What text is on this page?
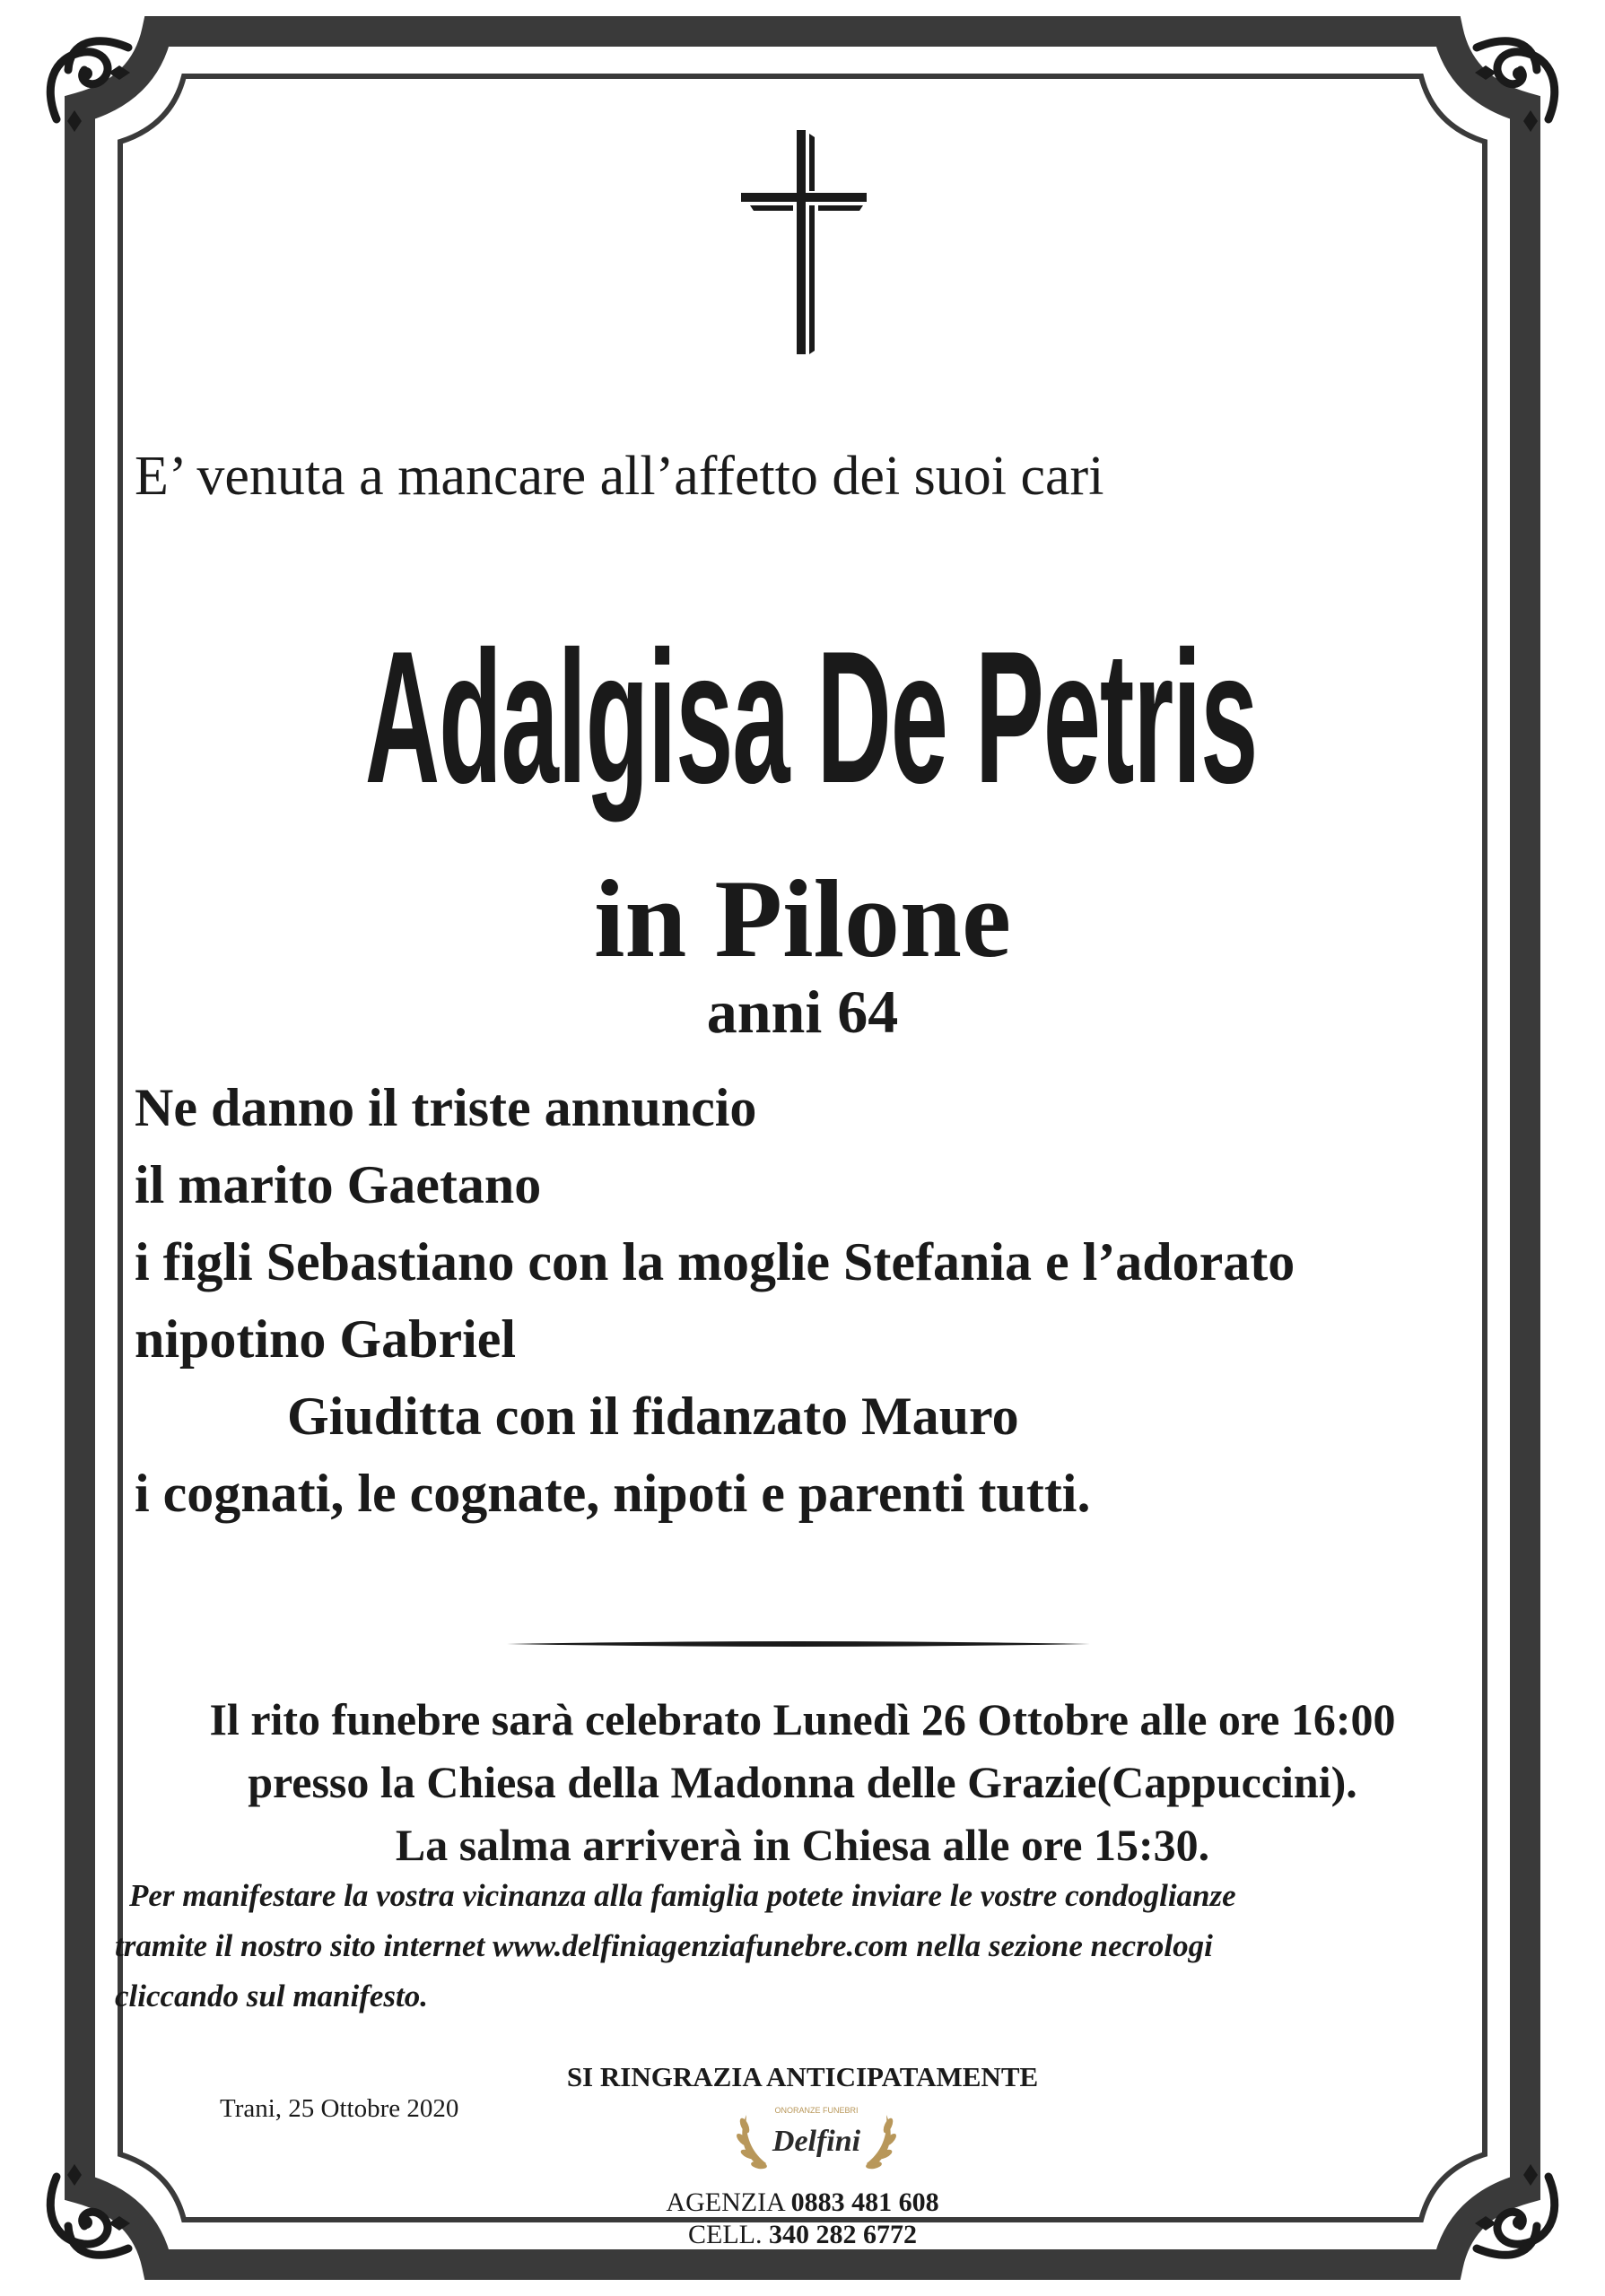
E’ venuta a mancare all’affetto dei suoi cari
Adalgisa De Petris
in Pilone
anni 64
Ne danno il triste annuncio
il marito Gaetano
i figli Sebastiano con la moglie Stefania e l’adorato
nipotino Gabriel
Giuditta con il fidanzato Mauro
i cognati, le cognate, nipoti e parenti tutti.
Il rito funebre sarà celebrato Lunedì 26 Ottobre alle ore 16:00
presso la Chiesa della Madonna delle Grazie(Cappuccini).
La salma arriverà in Chiesa alle ore 15:30.
Per manifestare la vostra vicinanza alla famiglia potete inviare le vostre condoglianze
tramite il nostro sito internet www.delfiniagenziafunebre.com nella sezione necrologi
cliccando sul manifesto.
SI RINGRAZIA ANTICIPATAMENTE
Trani, 25 Ottobre 2020	ONORANZE FUNEBRI
Delfini
AGENZIA 0883 481 608
CELL. 340 282 6772
